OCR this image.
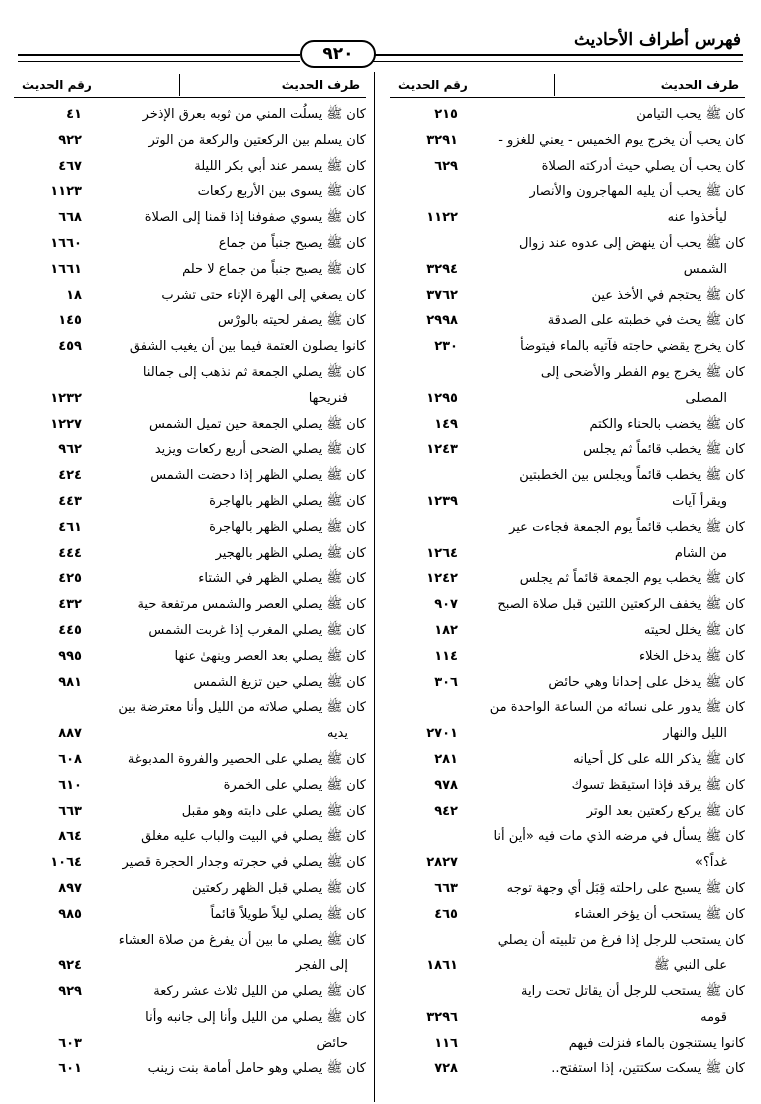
فهرس أطراف الأحاديث
٩٢٠
طرف الحديث
رقم الحديث
كان ﷺ يحب التيامن
٢١٥
كان يحب أن يخرج يوم الخميس - يعني للغزو -
٣٢٩١
كان يحب أن يصلي حيث أدركته الصلاة
٦٢٩
كان ﷺ يحب أن يليه المهاجرون والأنصار
ليأخذوا عنه
١١٢٢
كان ﷺ يحب أن ينهض إلى عدوه عند زوال
الشمس
٣٢٩٤
كان ﷺ يحتجم في الأخذ عين
٣٧٦٢
كان ﷺ يحث في خطبته على الصدقة
٢٩٩٨
كان يخرج يقضي حاجته فآتيه بالماء فيتوضأ
٢٣٠
كان ﷺ يخرج يوم الفطر والأضحى إلى
المصلى
١٢٩٥
كان ﷺ يخضب بالحناء والكتم
١٤٩
كان ﷺ يخطب قائماً ثم يجلس
١٢٤٣
كان ﷺ يخطب قائماً ويجلس بين الخطبتين
ويقرأ آيات
١٢٣٩
كان ﷺ يخطب قائماً يوم الجمعة فجاءت عير
من الشام
١٢٦٤
كان ﷺ يخطب يوم الجمعة قائماً ثم يجلس
١٢٤٢
كان ﷺ يخفف الركعتين اللتين قبل صلاة الصبح
٩٠٧
كان ﷺ يخلل لحيته
١٨٢
كان ﷺ يدخل الخلاء
١١٤
كان ﷺ يدخل على إحدانا وهي حائض
٣٠٦
كان ﷺ يدور على نسائه من الساعة الواحدة من
الليل والنهار
٢٧٠١
كان ﷺ يذكر الله على كل أحيانه
٢٨١
كان ﷺ يرقد فإذا استيقظ تسوك
٩٧٨
كان ﷺ يركع ركعتين بعد الوتر
٩٤٢
كان ﷺ يسأل في مرضه الذي مات فيه «أين أنا
غداً؟»
٢٨٢٧
كان ﷺ يسبح على راحلته قِبَل أي وجهة توجه
٦٦٣
كان ﷺ يستحب أن يؤخر العشاء
٤٦٥
كان يستحب للرجل إذا فرغ من تلبيته أن يصلي
على النبي ﷺ
١٨٦١
كان ﷺ يستحب للرجل أن يقاتل تحت راية
قومه
٣٢٩٦
كانوا يستنجون بالماء فنزلت فيهم
١١٦
كان ﷺ يسكت سكتتين، إذا استفتح..
٧٢٨
طرف الحديث
رقم الحديث
كان ﷺ يسلُت المني من ثوبه بعرق الإذخر
٤١
كان يسلم بين الركعتين والركعة من الوتر
٩٢٢
كان ﷺ يسمر عند أبي بكر الليلة
٤٦٧
كان ﷺ يسوى بين الأربع ركعات
١١٢٣
كان ﷺ يسوي صفوفنا إذا قمنا إلى الصلاة
٦٦٨
كان ﷺ يصبح جنباً من جماع
١٦٦٠
كان ﷺ يصبح جنباً من جماع لا حلم
١٦٦١
كان يصغي إلى الهرة الإناء حتى تشرب
١٨
كان ﷺ يصفر لحيته بالورْس
١٤٥
كانوا يصلون العتمة فيما بين أن يغيب الشفق
٤٥٩
كان ﷺ يصلي الجمعة ثم نذهب إلى جمالنا
فنريحها
١٢٣٢
كان ﷺ يصلي الجمعة حين تميل الشمس
١٢٢٧
كان ﷺ يصلي الضحى أربع ركعات ويزيد
٩٦٢
كان ﷺ يصلي الظهر إذا دحضت الشمس
٤٢٤
كان ﷺ يصلي الظهر بالهاجرة
٤٤٣
كان ﷺ يصلي الظهر بالهاجرة
٤٦١
كان ﷺ يصلي الظهر بالهجير
٤٤٤
كان ﷺ يصلي الظهر في الشتاء
٤٢٥
كان ﷺ يصلي العصر والشمس مرتفعة حية
٤٣٢
كان ﷺ يصلي المغرب إذا غربت الشمس
٤٤٥
كان ﷺ يصلي بعد العصر وينهىٰ عنها
٩٩٥
كان ﷺ يصلي حين تزيغ الشمس
٩٨١
كان ﷺ يصلي صلاته من الليل وأنا معترضة بين
يديه
٨٨٧
كان ﷺ يصلي على الحصير والفروة المدبوغة
٦٠٨
كان ﷺ يصلي على الخمرة
٦١٠
كان ﷺ يصلي على دابته وهو مقبل
٦٦٣
كان ﷺ يصلي في البيت والباب عليه مغلق
٨٦٤
كان ﷺ يصلي في حجرته وجدار الحجرة قصير
١٠٦٤
كان ﷺ يصلي قبل الظهر ركعتين
٨٩٧
كان ﷺ يصلي ليلاً طويلاً قائماً
٩٨٥
كان ﷺ يصلي ما بين أن يفرغ من صلاة العشاء
إلى الفجر
٩٢٤
كان ﷺ يصلي من الليل ثلاث عشر ركعة
٩٢٩
كان ﷺ يصلي من الليل وأنا إلى جانبه وأنا
حائض
٦٠٣
كان ﷺ يصلي وهو حامل أمامة بنت زينب
٦٠١
